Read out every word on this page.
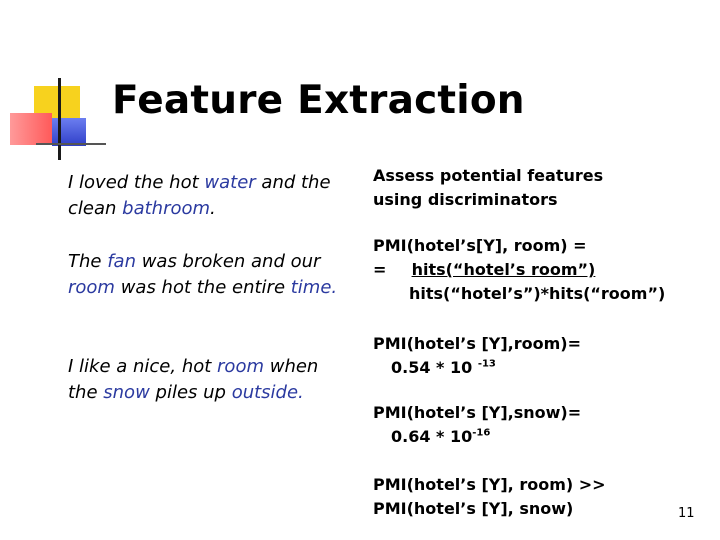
Feature Extraction
I loved the hot water and the clean bathroom.
The fan was broken and our room was hot the entire time.
I like a nice, hot room when the snow piles up outside.
Assess potential features
using discriminators
PMI(hotel’s[Y], room) =
= hits(“hotel’s room”)
hits(“hotel’s”)*hits(“room”)
PMI(hotel’s [Y],room)=
0.54 * 10 $^{-13}$
PMI(hotel’s [Y],snow)=
$0.64 * 10^{-16}$
PMI(hotel’s [Y], room) >>
PMI(hotel’s [Y], snow)	11
